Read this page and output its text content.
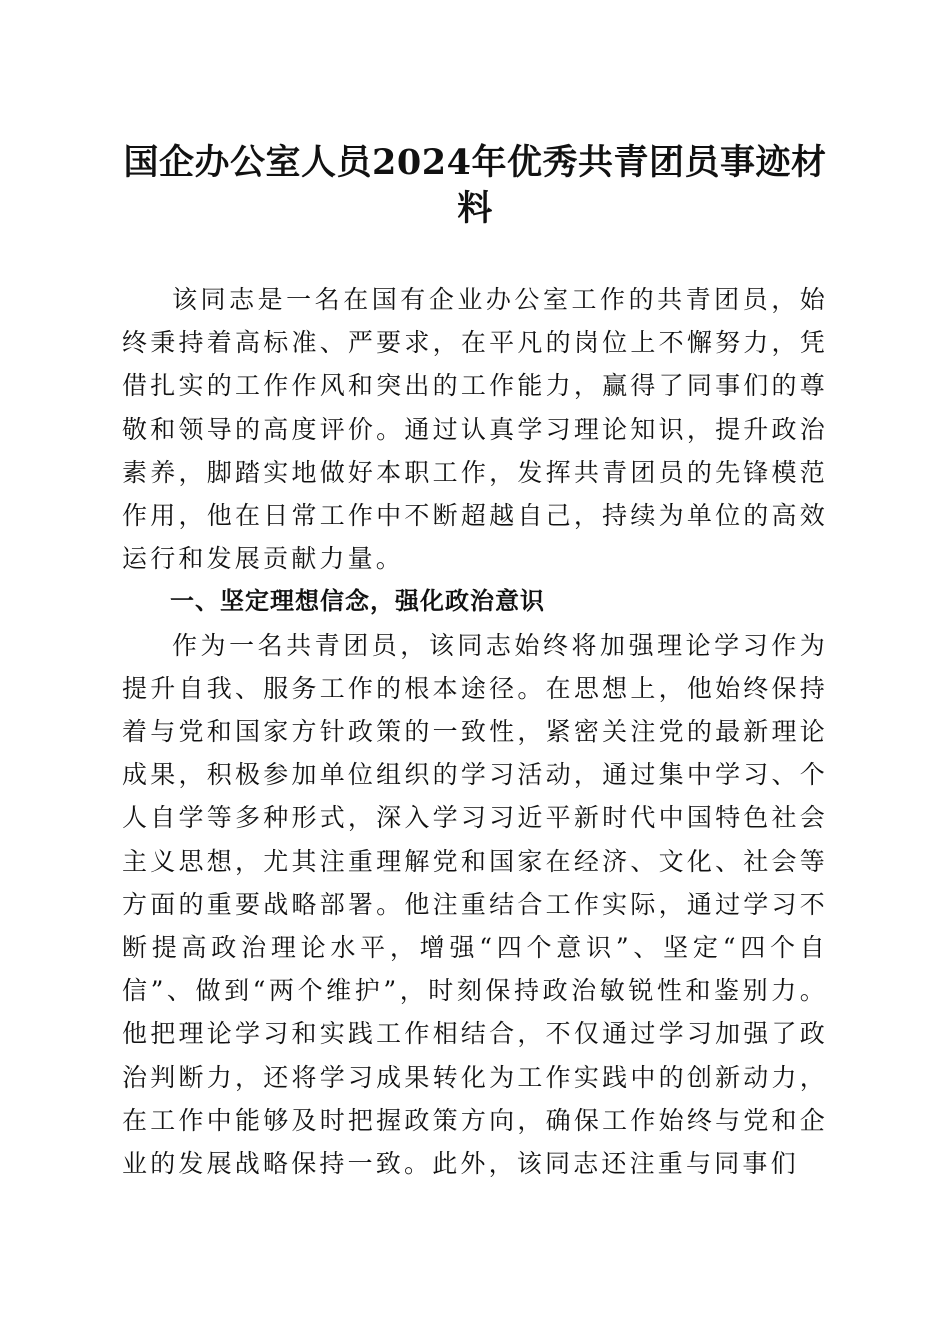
国企办公室人员2024年优秀共青团员事迹材料

该同志是一名在国有企业办公室工作的共青团员，始终秉持着高标准、严要求，在平凡的岗位上不懈努力，凭借扎实的工作作风和突出的工作能力，赢得了同事们的尊敬和领导的高度评价。通过认真学习理论知识，提升政治素养，脚踏实地做好本职工作，发挥共青团员的先锋模范作用，他在日常工作中不断超越自己，持续为单位的高效运行和发展贡献力量。

一、坚定理想信念，强化政治意识

作为一名共青团员，该同志始终将加强理论学习作为提升自我、服务工作的根本途径。在思想上，他始终保持着与党和国家方针政策的一致性，紧密关注党的最新理论成果，积极参加单位组织的学习活动，通过集中学习、个人自学等多种形式，深入学习习近平新时代中国特色社会主义思想，尤其注重理解党和国家在经济、文化、社会等方面的重要战略部署。他注重结合工作实际，通过学习不断提高政治理论水平，增强“四个意识”、坚定“四个自信”、做到“两个维护”，时刻保持政治敏锐性和鉴别力。他把理论学习和实践工作相结合，不仅通过学习加强了政治判断力，还将学习成果转化为工作实践中的创新动力，在工作中能够及时把握政策方向，确保工作始终与党和企业的发展战略保持一致。此外，该同志还注重与同事们
